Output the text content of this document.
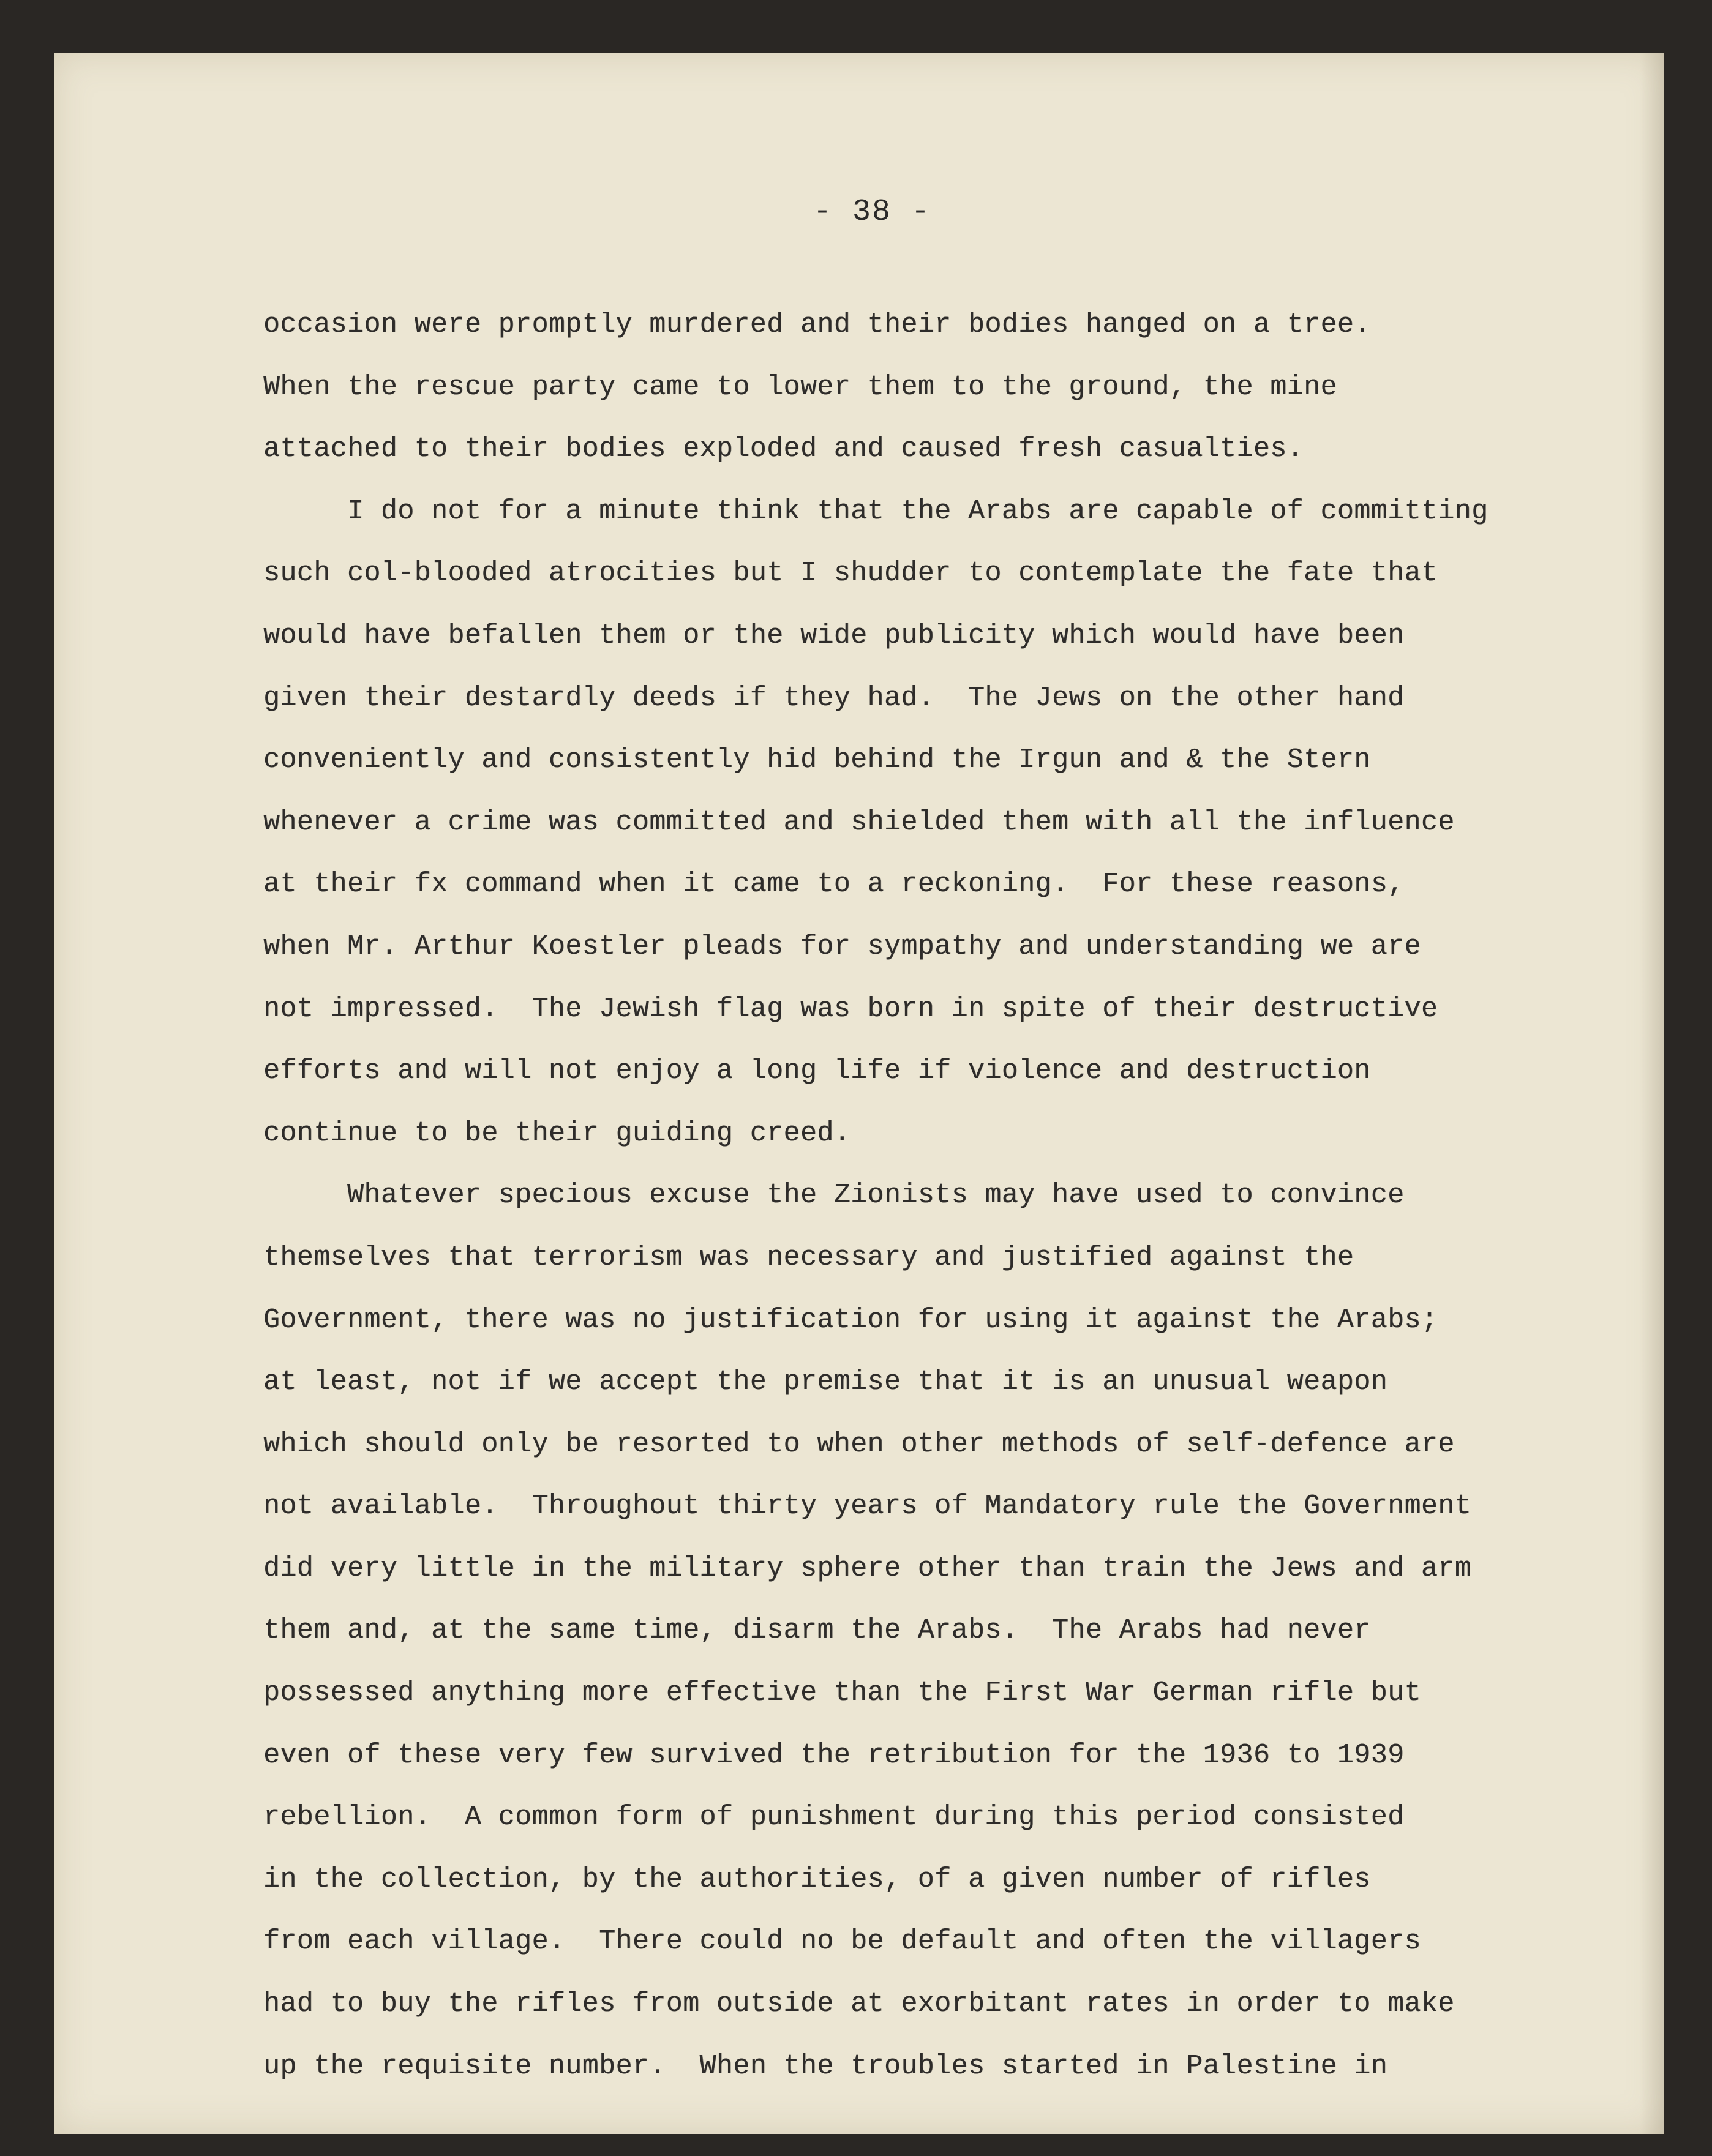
- 38 -
occasion were promptly murdered and their bodies hanged on a tree.
When the rescue party came to lower them to the ground, the mine
attached to their bodies exploded and caused fresh casualties.
I do not for a minute think that the Arabs are capable of committing
such col-blooded atrocities but I shudder to contemplate the fate that
would have befallen them or the wide publicity which would have been
given their destardly deeds if they had.  The Jews on the other hand
conveniently and consistently hid behind the Irgun and & the Stern
whenever a crime was committed and shielded them with all the influence
at their fx command when it came to a reckoning.  For these reasons,
when Mr. Arthur Koestler pleads for sympathy and understanding we are
not impressed.  The Jewish flag was born in spite of their destructive
efforts and will not enjoy a long life if violence and destruction
continue to be their guiding creed.
Whatever specious excuse the Zionists may have used to convince
themselves that terrorism was necessary and justified against the
Government, there was no justification for using it against the Arabs;
at least, not if we accept the premise that it is an unusual weapon
which should only be resorted to when other methods of self-defence are
not available.  Throughout thirty years of Mandatory rule the Government
did very little in the military sphere other than train the Jews and arm
them and, at the same time, disarm the Arabs.  The Arabs had never
possessed anything more effective than the First War German rifle but
even of these very few survived the retribution for the 1936 to 1939
rebellion.  A common form of punishment during this period consisted
in the collection, by the authorities, of a given number of rifles
from each village.  There could no be default and often the villagers
had to buy the rifles from outside at exorbitant rates in order to make
up the requisite number.  When the troubles started in Palestine in
